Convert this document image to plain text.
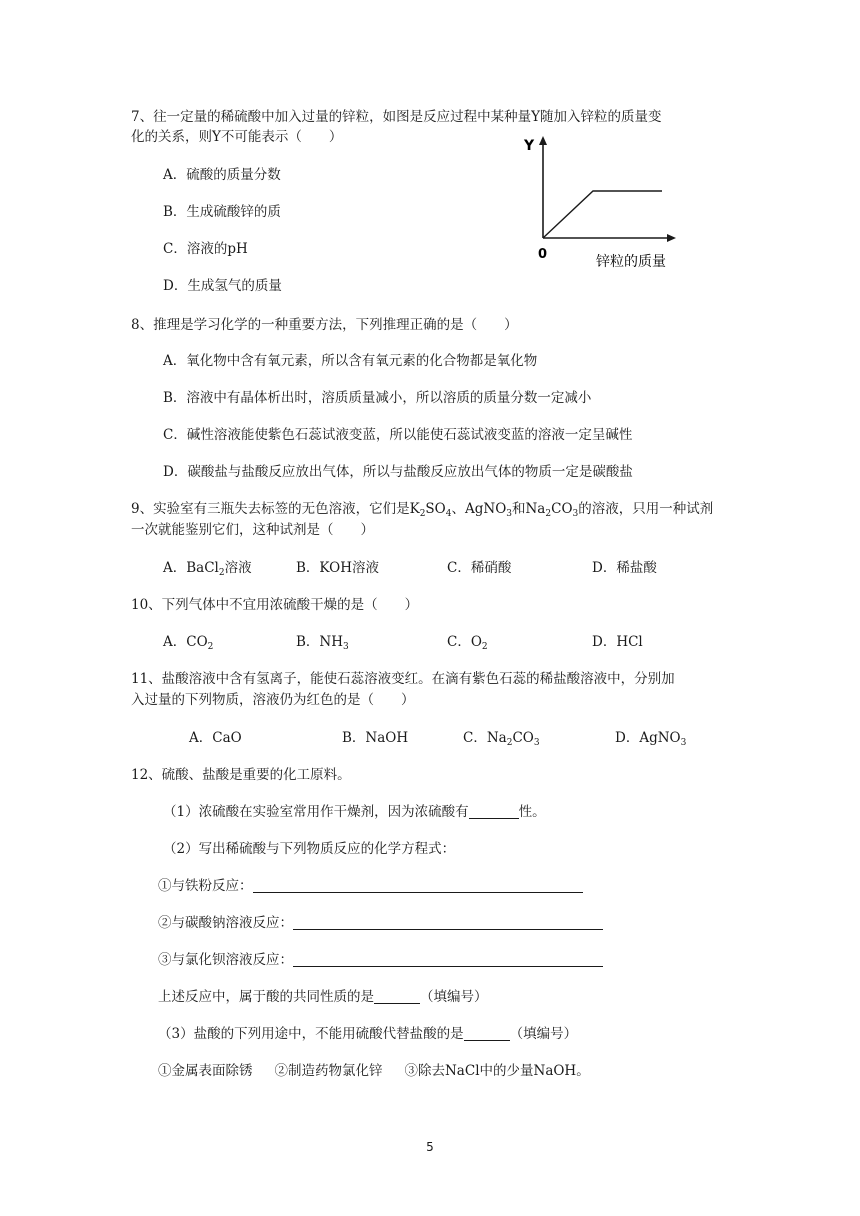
7、往一定量的稀硫酸中加入过量的锌粒，如图是反应过程中某种量Y随加入锌粒的质量变
化的关系，则Y不可能表示（　　）
A．硫酸的质量分数
B．生成硫酸锌的质
C．溶液的pH
D．生成氢气的质量
Y
0	锌粒的质量
8、推理是学习化学的一种重要方法，下列推理正确的是（　　）
A．氧化物中含有氧元素，所以含有氧元素的化合物都是氧化物
B．溶液中有晶体析出时，溶质质量减小，所以溶质的质量分数一定减小
C．碱性溶液能使紫色石蕊试液变蓝，所以能使石蕊试液变蓝的溶液一定呈碱性
D．碳酸盐与盐酸反应放出气体，所以与盐酸反应放出气体的物质一定是碳酸盐
9、实验室有三瓶失去标签的无色溶液，它们是$K_2SO_4$、AgNO$_3$和$Na_2CO_3$的溶液，只用一种试剂
一次就能鉴别它们，这种试剂是（　　）
A．BaCl$_2$溶液	B．KOH溶液	C．稀硝酸	D．稀盐酸
10、下列气体中不宜用浓硫酸干燥的是（　　）
A．$CO_2$	B．$NH_3$	C．$O_2$	D．HCl
11、盐酸溶液中含有氢离子，能使石蕊溶液变红。在滴有紫色石蕊的稀盐酸溶液中，分别加
入过量的下列物质，溶液仍为红色的是（　　）
A．CaO	B．NaOH	C．$Na_2CO_3$	D．AgNO$_3$
12、硫酸、盐酸是重要的化工原料。
（1）浓硫酸在实验室常用作干燥剂，因为浓硫酸有	性。
（2）写出稀硫酸与下列物质反应的化学方程式：
①与铁粉反应：
②与碳酸钠溶液反应：
③与氯化钡溶液反应：
上述反应中，属于酸的共同性质的是	（填编号）
（3）盐酸的下列用途中，不能用硫酸代替盐酸的是	（填编号）
①金属表面除锈 ②制造药物氯化锌 ③除去NaCl中的少量NaOH。
5
